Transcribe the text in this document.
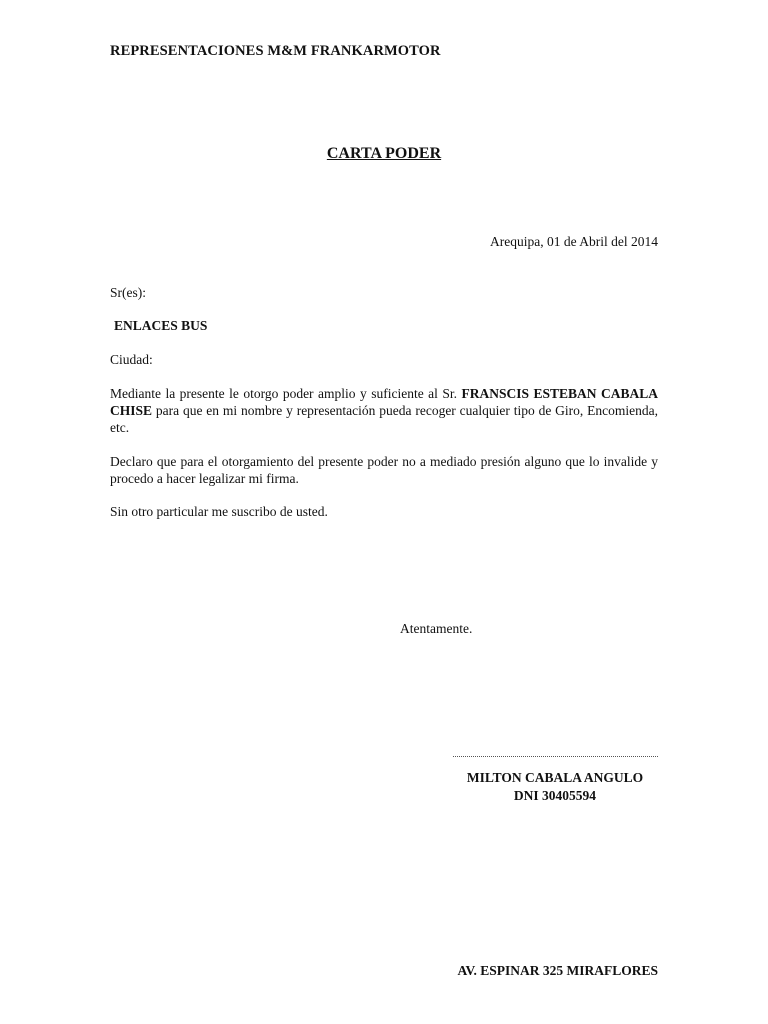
REPRESENTACIONES M&M FRANKARMOTOR
CARTA PODER
Arequipa, 01 de Abril del 2014
Sr(es):
ENLACES BUS
Ciudad:
Mediante la presente le otorgo poder amplio y suficiente al Sr. FRANSCIS ESTEBAN CABALA CHISE para que en mi nombre y representación pueda recoger cualquier tipo de Giro, Encomienda, etc.
Declaro que para el otorgamiento del presente poder no a mediado presión alguno que lo invalide y procedo a hacer legalizar mi firma.
Sin otro particular me suscribo de usted.
Atentamente.
MILTON CABALA ANGULO
DNI 30405594
AV. ESPINAR 325 MIRAFLORES
